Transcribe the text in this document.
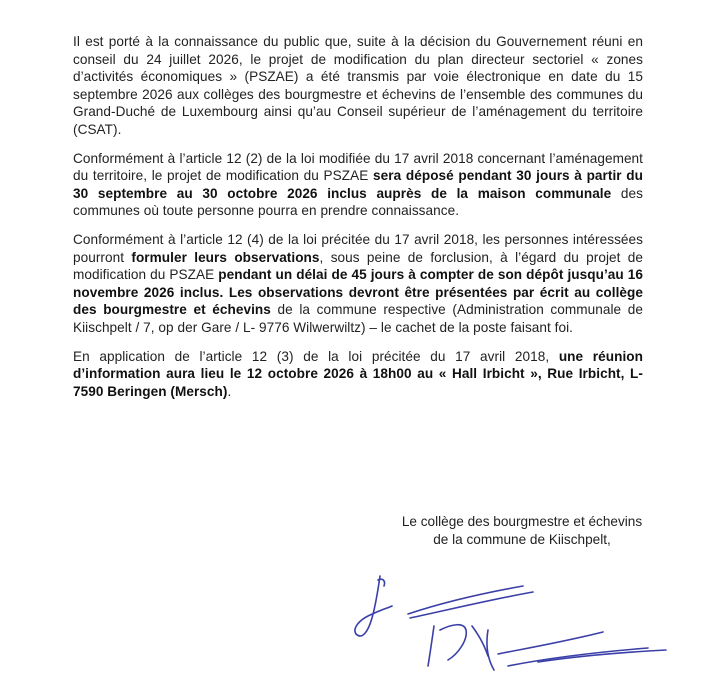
Il est porté à la connaissance du public que, suite à la décision du Gouvernement réuni en conseil du 24 juillet 2026, le projet de modification du plan directeur sectoriel « zones d’activités économiques » (PSZAE) a été transmis par voie électronique en date du 15 septembre 2026 aux collèges des bourgmestre et échevins de l’ensemble des communes du Grand-Duché de Luxembourg ainsi qu’au Conseil supérieur de l’aménagement du territoire (CSAT).

Conformément à l’article 12 (2) de la loi modifiée du 17 avril 2018 concernant l’aménagement du territoire, le projet de modification du PSZAE sera déposé pendant 30 jours à partir du 30 septembre au 30 octobre 2026 inclus auprès de la maison communale des communes où toute personne pourra en prendre connaissance.

Conformément à l’article 12 (4) de la loi précitée du 17 avril 2018, les personnes intéressées pourront formuler leurs observations, sous peine de forclusion, à l’égard du projet de modification du PSZAE pendant un délai de 45 jours à compter de son dépôt jusqu’au 16 novembre 2026 inclus. Les observations devront être présentées par écrit au collège des bourgmestre et échevins de la commune respective (Administration communale de Kiischpelt / 7, op der Gare / L- 9776 Wilwerwiltz) – le cachet de la poste faisant foi.

En application de l’article 12 (3) de la loi précitée du 17 avril 2018, une réunion d’information aura lieu le 12 octobre 2026 à 18h00 au « Hall Irbicht », Rue Irbicht, L-7590 Beringen (Mersch).

Le collège des bourgmestre et échevins
de la commune de Kiischpelt,
